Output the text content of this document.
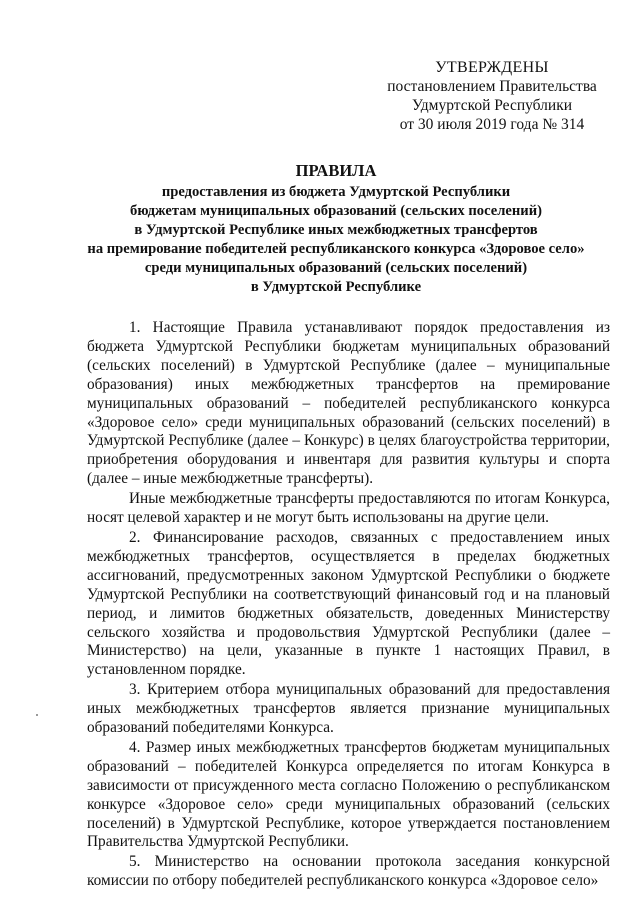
УТВЕРЖДЕНЫ
постановлением Правительства
Удмуртской Республики
от 30 июля 2019 года № 314
ПРАВИЛА
предоставления из бюджета Удмуртской Республики
бюджетам муниципальных образований (сельских поселений)
в Удмуртской Республике иных межбюджетных трансфертов
на премирование победителей республиканского конкурса «Здоровое село»
среди муниципальных образований (сельских поселений)
в Удмуртской Республике

1. Настоящие Правила устанавливают порядок предоставления из бюджета Удмуртской Республики бюджетам муниципальных образований (сельских поселений) в Удмуртской Республике (далее – муниципальные образования) иных межбюджетных трансфертов на премирование муниципальных образований – победителей республиканского конкурса «Здоровое село» среди муниципальных образований (сельских поселений) в Удмуртской Республике (далее – Конкурс) в целях благоустройства территории, приобретения оборудования и инвентаря для развития культуры и спорта (далее – иные межбюджетные трансферты).

Иные межбюджетные трансферты предоставляются по итогам Конкурса, носят целевой характер и не могут быть использованы на другие цели.

2. Финансирование расходов, связанных с предоставлением иных межбюджетных трансфертов, осуществляется в пределах бюджетных ассигнований, предусмотренных законом Удмуртской Республики о бюджете Удмуртской Республики на соответствующий финансовый год и на плановый период, и лимитов бюджетных обязательств, доведенных Министерству сельского хозяйства и продовольствия Удмуртской Республики (далее – Министерство) на цели, указанные в пункте 1 настоящих Правил, в установленном порядке.

3. Критерием отбора муниципальных образований для предоставления иных межбюджетных трансфертов является признание муниципальных образований победителями Конкурса.

4. Размер иных межбюджетных трансфертов бюджетам муниципальных образований – победителей Конкурса определяется по итогам Конкурса в зависимости от присужденного места согласно Положению о республиканском конкурсе «Здоровое село» среди муниципальных образований (сельских поселений) в Удмуртской Республике, которое утверждается постановлением Правительства Удмуртской Республики.

5. Министерство на основании протокола заседания конкурсной комиссии по отбору победителей республиканского конкурса «Здоровое село»
